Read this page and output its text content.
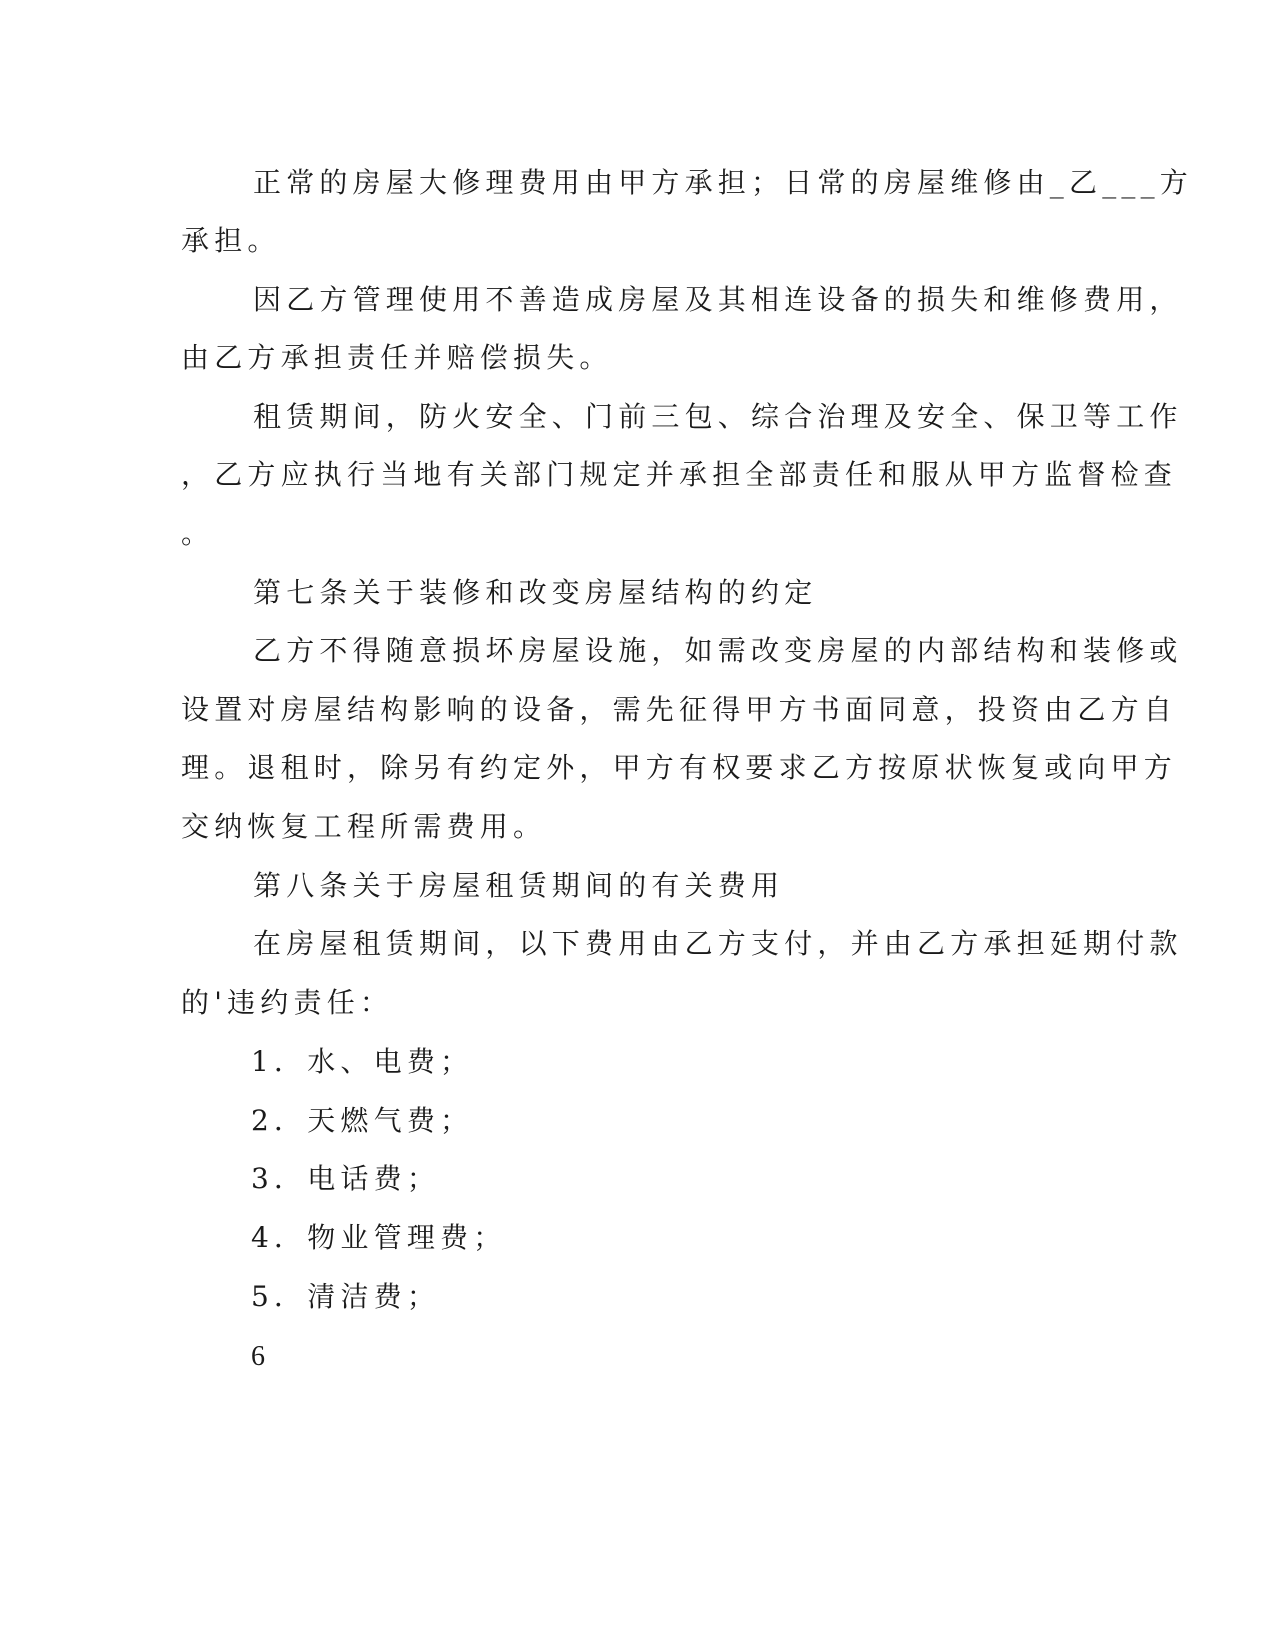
正常的房屋大修理费用由甲方承担；日常的房屋维修由_乙___方
承担。
因乙方管理使用不善造成房屋及其相连设备的损失和维修费用，
由乙方承担责任并赔偿损失。
租赁期间，防火安全、门前三包、综合治理及安全、保卫等工作
，乙方应执行当地有关部门规定并承担全部责任和服从甲方监督检查
。
第七条关于装修和改变房屋结构的约定
乙方不得随意损坏房屋设施，如需改变房屋的内部结构和装修或
设置对房屋结构影响的设备，需先征得甲方书面同意，投资由乙方自
理。退租时，除另有约定外，甲方有权要求乙方按原状恢复或向甲方
交纳恢复工程所需费用。
第八条关于房屋租赁期间的有关费用
在房屋租赁期间，以下费用由乙方支付，并由乙方承担延期付款
的'违约责任：
1．水、电费；
2．天燃气费；
3．电话费；
4．物业管理费；
5．清洁费；
6
